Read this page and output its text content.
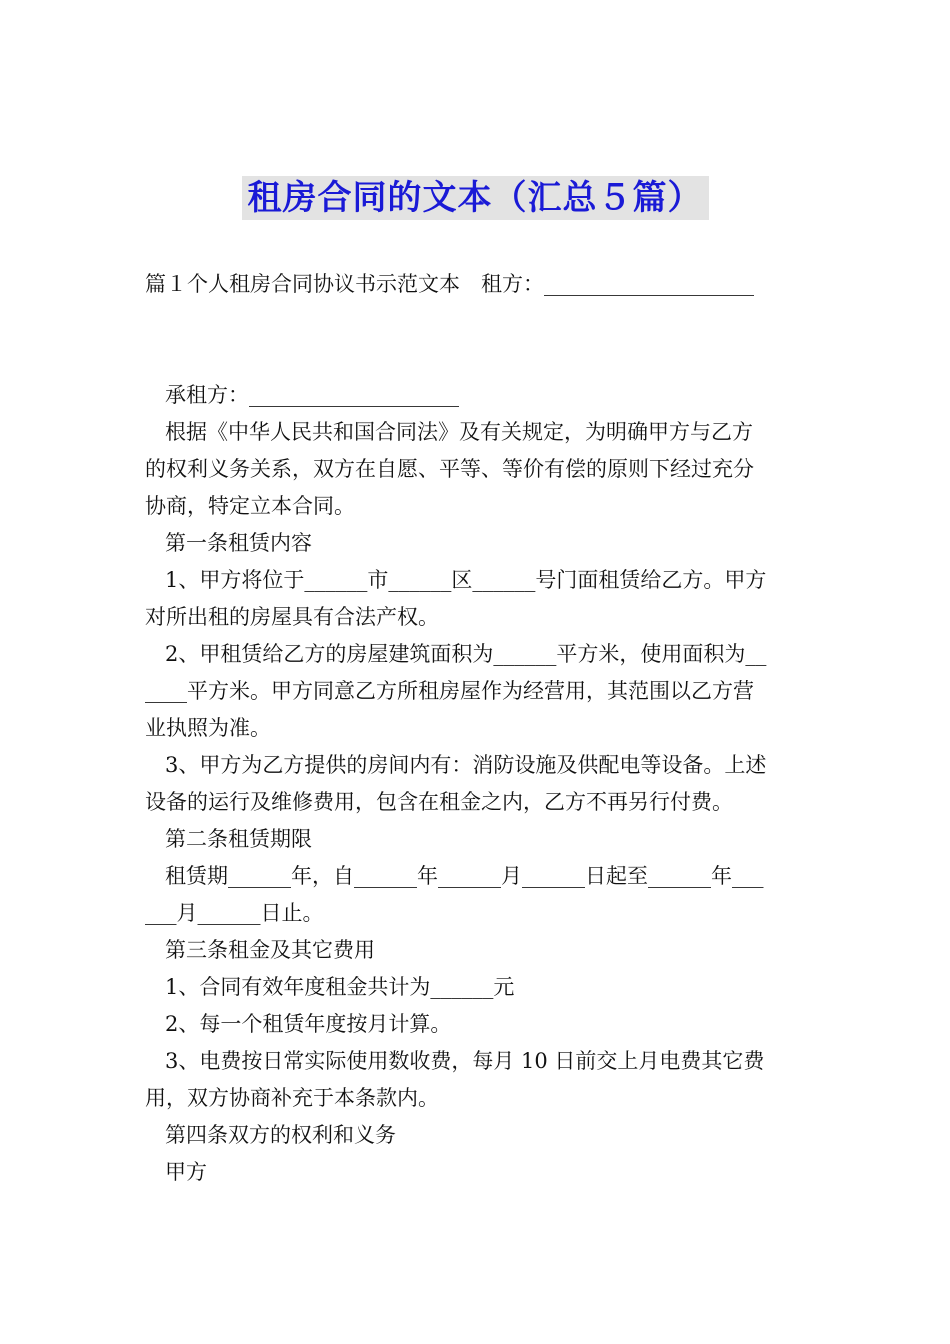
租房合同的文本（汇总５篇）
篇１个人租房合同协议书示范文本　租方：____________________
承租方：____________________
根据《中华人民共和国合同法》及有关规定，为明确甲方与乙方
的权利义务关系，双方在自愿、平等、等价有偿的原则下经过充分
协商，特定立本合同。
第一条租赁内容
1、甲方将位于______市______区______号门面租赁给乙方。甲方
对所出租的房屋具有合法产权。
2、甲租赁给乙方的房屋建筑面积为______平方米，使用面积为__
____平方米。甲方同意乙方所租房屋作为经营用，其范围以乙方营
业执照为准。
3、甲方为乙方提供的房间内有：消防设施及供配电等设备。上述
设备的运行及维修费用，包含在租金之内，乙方不再另行付费。
第二条租赁期限
租赁期______年，自______年______月______日起至______年___
___月______日止。
第三条租金及其它费用
1、合同有效年度租金共计为______元
2、每一个租赁年度按月计算。
3、电费按日常实际使用数收费，每月 10 日前交上月电费其它费
用，双方协商补充于本条款内。
第四条双方的权利和义务
甲方
